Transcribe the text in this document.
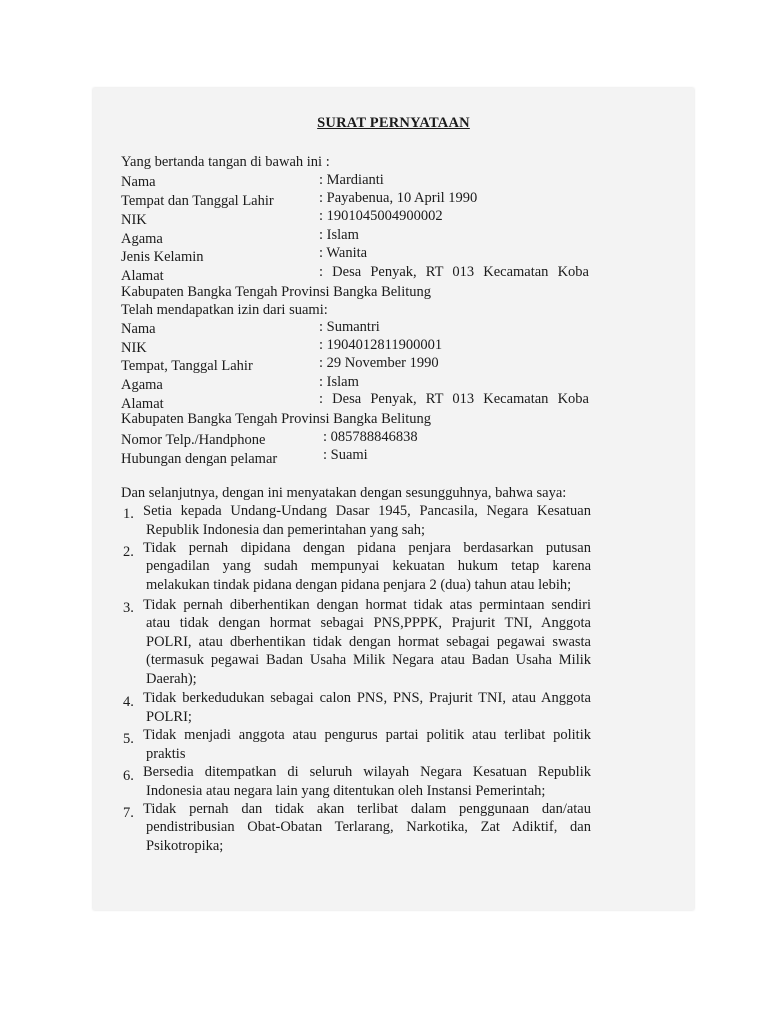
SURAT PERNYATAAN
Yang bertanda tangan di bawah ini :
Nama	: Mardianti
Tempat dan Tanggal Lahir	: Payabenua, 10 April 1990
NIK	: 1901045004900002
Agama	: Islam
Jenis Kelamin	: Wanita
Alamat	: Desa Penyak, RT 013 Kecamatan Koba
Kabupaten Bangka Tengah Provinsi Bangka Belitung
Telah mendapatkan izin dari suami:
Nama	: Sumantri
NIK	: 1904012811900001
Tempat, Tanggal Lahir	: 29 November 1990
Agama	: Islam
Alamat	: Desa Penyak, RT 013 Kecamatan Koba
Kabupaten Bangka Tengah Provinsi Bangka Belitung
Nomor Telp./Handphone	: 085788846838
Hubungan dengan pelamar	: Suami
Dan selanjutnya, dengan ini menyatakan dengan sesungguhnya, bahwa saya:
1. Setia kepada Undang-Undang Dasar 1945, Pancasila, Negara Kesatuan
Republik Indonesia dan pemerintahan yang sah;
2. Tidak pernah dipidana dengan pidana penjara berdasarkan putusan
pengadilan yang sudah mempunyai kekuatan hukum tetap karena
melakukan tindak pidana dengan pidana penjara 2 (dua) tahun atau lebih;
3. Tidak pernah diberhentikan dengan hormat tidak atas permintaan sendiri
atau tidak dengan hormat sebagai PNS,PPPK, Prajurit TNI, Anggota
POLRI, atau dberhentikan tidak dengan hormat sebagai pegawai swasta
(termasuk pegawai Badan Usaha Milik Negara atau Badan Usaha Milik
Daerah);
4. Tidak berkedudukan sebagai calon PNS, PNS, Prajurit TNI, atau Anggota
POLRI;
5. Tidak menjadi anggota atau pengurus partai politik atau terlibat politik
praktis
6. Bersedia ditempatkan di seluruh wilayah Negara Kesatuan Republik
Indonesia atau negara lain yang ditentukan oleh Instansi Pemerintah;
7. Tidak pernah dan tidak akan terlibat dalam penggunaan dan/atau
pendistribusian Obat-Obatan Terlarang, Narkotika, Zat Adiktif, dan
Psikotropika;
